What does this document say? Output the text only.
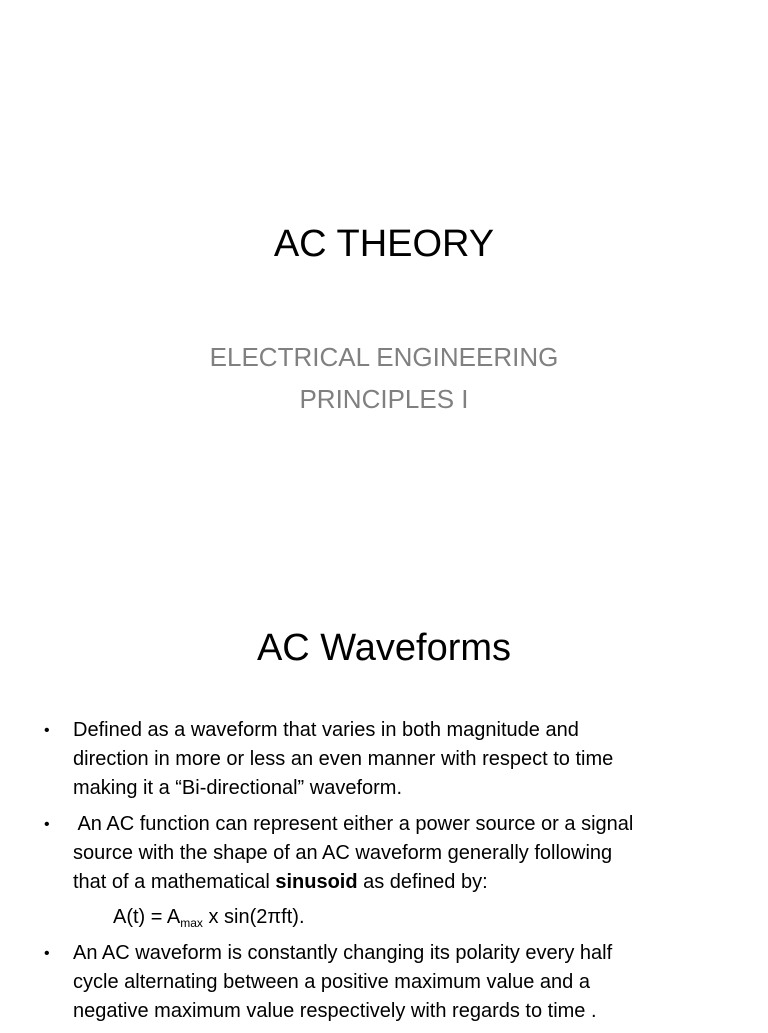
AC THEORY
ELECTRICAL ENGINEERING
PRINCIPLES I
AC Waveforms
• Defined as a waveform that varies in both magnitude and
direction in more or less an even manner with respect to time
making it a “Bi-directional” waveform.
• An AC function can represent either a power source or a signal
source with the shape of an AC waveform generally following
that of a mathematical sinusoid as defined by:
$A(t) = A_{max}$ x sin(2πft).
• An AC waveform is constantly changing its polarity every half
cycle alternating between a positive maximum value and a
negative maximum value respectively with regards to time .
